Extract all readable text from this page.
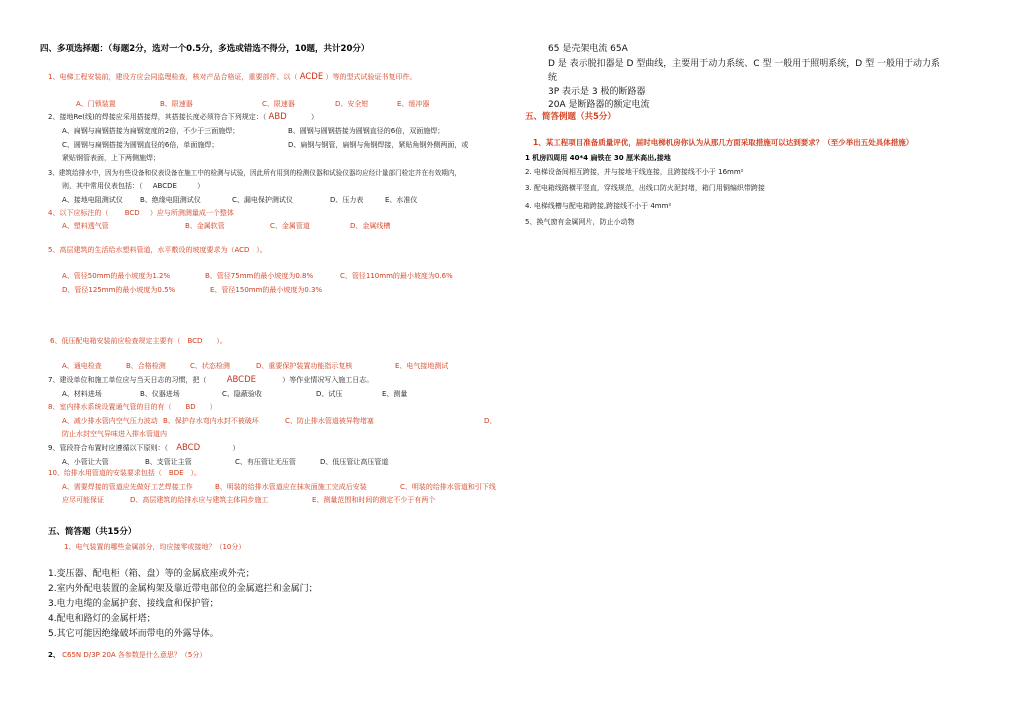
四、多项选择题：（每题2分，选对一个0.5分，多选或错选不得分，10题，共计20分）
1、电梯工程安装前，建设方应会同监理检查，核对产品合格证，重要部件、以（ ACDE ）等的型式试验证书复印件。
A、门锁装置	B、限速器	C、限速器	D、安全钳	E、缓冲器
2、接地Re(线)的焊接应采用搭接焊，其搭接长度必须符合下列规定：（ ABD	）
A、扁钢与扁钢搭接为扁钢宽度的2倍，不少于三面施焊；	B、圆钢与圆钢搭接为圆钢直径的6倍，双面施焊；
C、圆钢与扁钢搭接为圆钢直径的6倍，单面施焊；	D、扁钢与钢管，扁钢与角钢焊接，紧贴角钢外侧两面，或
紧贴钢管表面，上下两侧施焊；
3、建筑给排水中，因为有些设备和仪表设备在施工中的检测与试验，因此所有用到的检测仪器和试验仪器均应经计量部门检定并在有效期内，
则，其中常用仪表包括：（ ABCDE	）
A、接地电阻测试仪 B、绝缘电阻测试仪	C、漏电保护测试仪	D、压力表	E、水准仪
4、以下应标注的（ BCD ）应与所测测量成一个整体
A、塑料透气管	B、金属软管	C、金属管道	D、金属线槽
5、高层建筑的生活给水塑料管道，水平敷设的坡度要求为（ACD　）。
A、管径50mm的最小坡度为1.2%	B、管径75mm的最小坡度为0.8%	C、管径110mm的最小坡度为0.6%
D、管径125mm的最小坡度为0.5%	E、管径150mm的最小坡度为0.3%
6、低压配电箱安装前应检查规定主要有（　BCD　　）。
A、通电检查	B、合格检测	C、状态检测	D、重要保护装置功能指示复核	E、电气接地测试
7、建设单位和施工单位应与当天日志的习惯，把（ ABCDE	）等作业情况写入施工日志。
A、材料进场	B、仪器进场	C、隐蔽验收	D、试压	E、测量
8、室内排水系统设置通气管的目的有（　　BD　　）
A、减少排水管内空气压力波动 B、保护存水弯内水封不被破坏	C、防止排水管道被异物堵塞	D、
防止水封空气异味进入排水管道内
9、管段符合布置时应遵循以下原则：（ ABCD	）
A、小管让大管	B、支管让主管	C、有压管让无压管	D、低压管让高压管道
10、给排水用管道的安装要求包括（　BDE　）。
A、需要焊接的管道应先做好工艺焊接工作	B、明装的给排水管道应在抹灰面施工完成后安装	C、明装的给排水管道和引下线
应尽可能保证	D、高层建筑的给排水应与建筑主体同步施工	E、测量范围和时间的测定不少于有两个
五、简答题（共15分）
1、电气装置的哪些金属部分，均应接零或接地？（10分）
1.变压器、配电柜（箱、盘）等的金属底座或外壳；
2.室内外配电装置的金属构架及靠近带电部位的金属遮拦和金属门；
3.电力电缆的金属护套、接线盒和保护管；
4.配电和路灯的金属杆塔；
5.其它可能因绝缘破坏而带电的外露导体。
2、 C65N D/3P 20A 各参数是什么意思？（5分）
65 是壳架电流 65A
D 是 表示脱扣器是 D 型曲线，主要用于动力系统、C 型 一般用于照明系统，D 型 一般用于动力系
统
3P 表示是 3 极的断路器
20A 是断路器的额定电流
五、简答例题（共5分）
1、某工程项目准备质量评优，届时电梯机房你认为从那几方面采取措施可以达到要求？（至少举出五处具体措施）
1 机房四周用 40*4 扁铁在 30 厘米高出,接地
2. 电梯设备间相互跨接，并与接地干线连接，且跨接线不小于 16mm²
3. 配电箱线路横平竖直，穿线规范，出线口防火泥封堵，箱门用铜编织带跨接
4. 电梯线槽与配电箱跨接,跨接线不小于 4mm²
5、换气窗有金属网片，防止小动物
